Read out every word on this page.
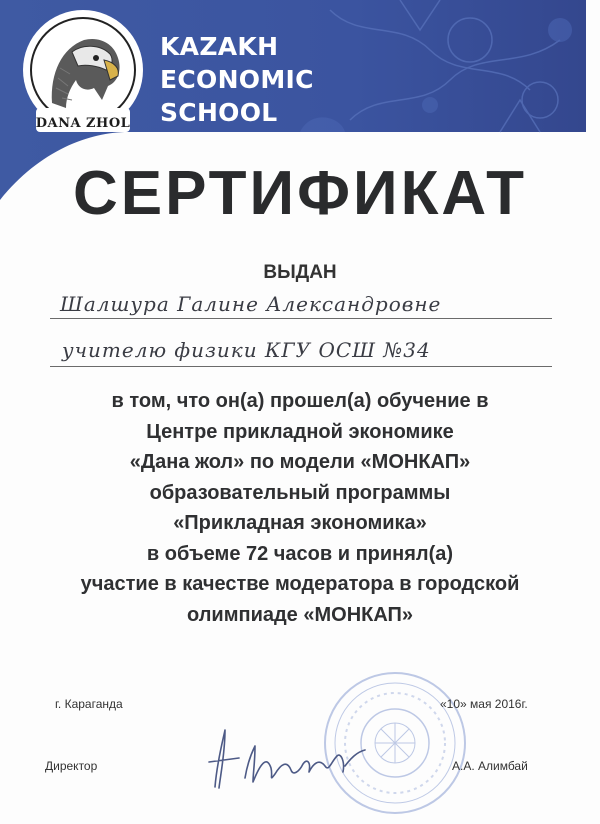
DANA ZHOL
KAZAKH
ECONOMIC
SCHOOL
СЕРТИФИКАТ
ВЫДАН
Шалшура Галине Александровне
учителю физики КГУ ОСШ №34
в том, что он(а) прошел(а) обучение в
Центре прикладной экономике
«Дана жол» по модели «МОНКАП»
образовательный программы
«Прикладная экономика»
в объеме 72 часов и принял(а)
участие в качестве модератора в городской
олимпиаде «МОНКАП»
г. Караганда	«10» мая 2016г.
Директор	А.А. Алимбай
